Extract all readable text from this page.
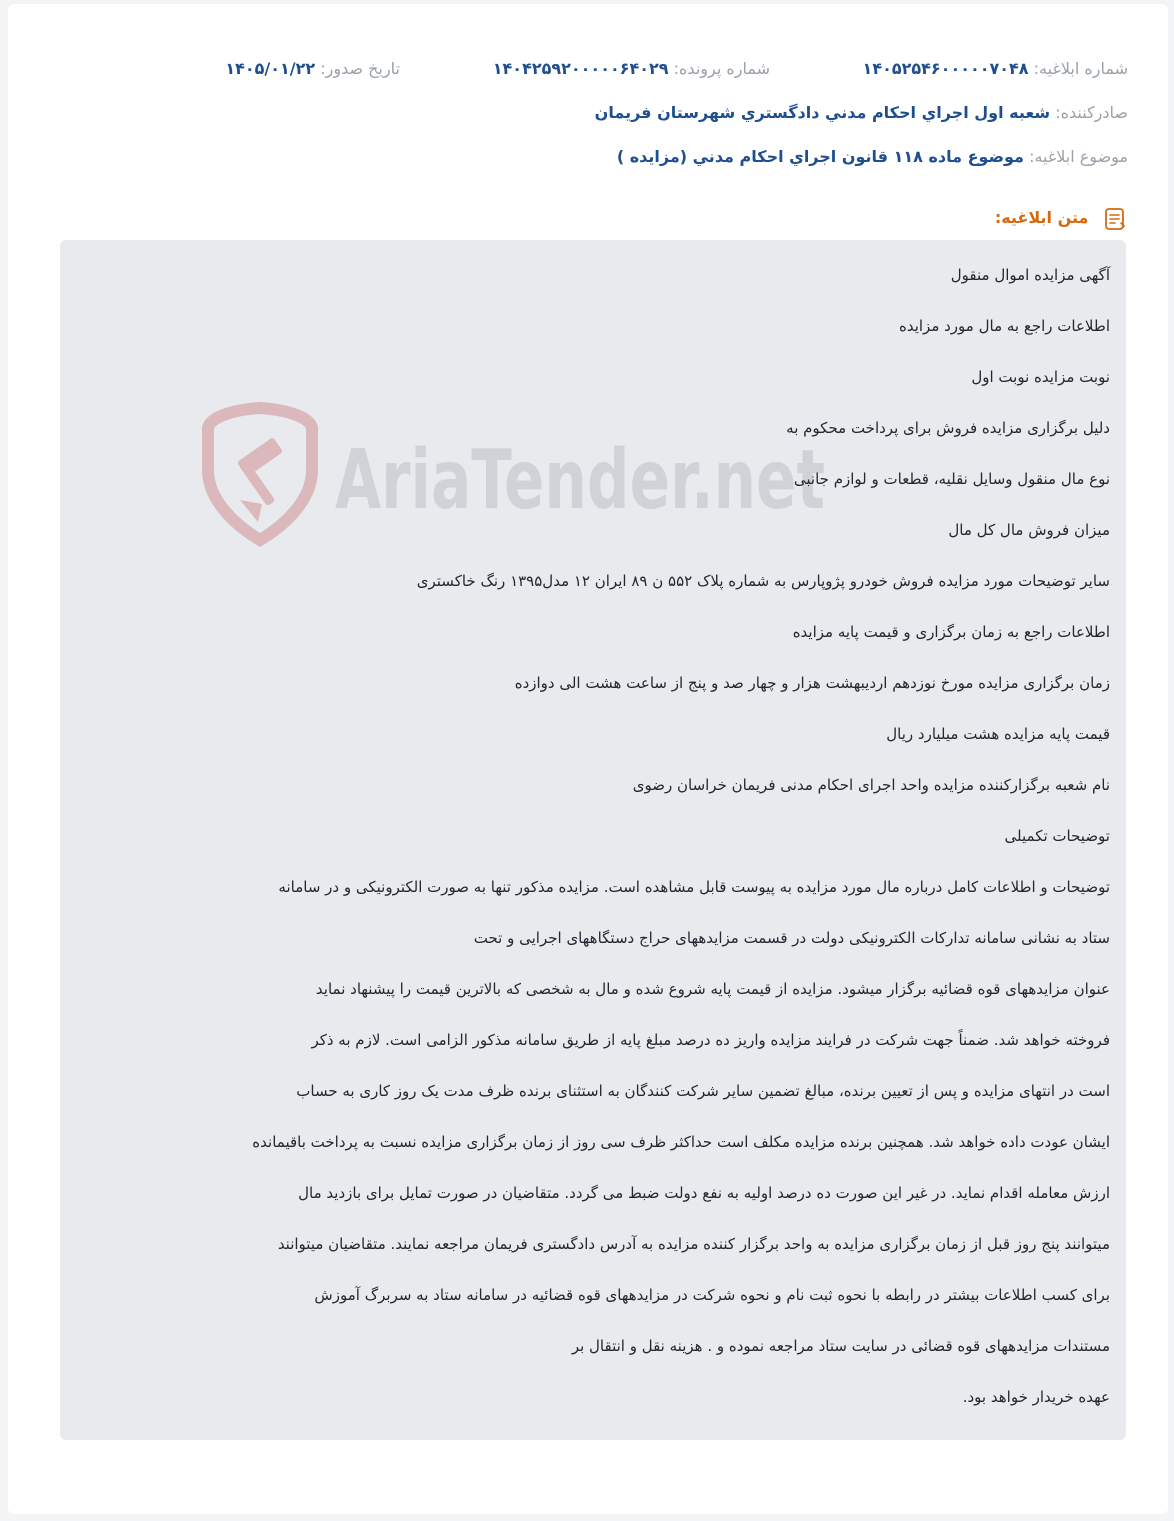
شماره ابلاغيه: ۱۴۰۵۲۵۴۶۰۰۰۰۰۷۰۴۸
شماره پرونده: ۱۴۰۴۲۵۹۲۰۰۰۰۰۶۴۰۲۹
تاريخ صدور: ۱۴۰۵/۰۱/۲۲
صادرکننده: شعبه اول اجراي احکام مدني دادگستري شهرستان فريمان
موضوع ابلاغيه: موضوع ماده ۱۱۸ قانون اجراي احکام مدني (مزايده )
متن ابلاغيه:
AriaTender.net
آگهی مزایده اموال منقول
اطلاعات راجع به مال مورد مزایده
نوبت مزایده نوبت اول
دلیل برگزاری مزایده فروش برای پرداخت محکوم به
نوع مال منقول وسایل نقلیه، قطعات و لوازم جانبی
میزان فروش مال کل مال
سایر توضیحات مورد مزایده فروش خودرو پژوپارس به شماره پلاک ۵۵۲ ن ۸۹ ایران ۱۲ مدل۱۳۹۵ رنگ خاکستری
اطلاعات راجع به زمان برگزاری و قیمت پایه مزایده
زمان برگزاری مزایده مورخ نوزدهم اردیبهشت هزار و چهار صد و پنج از ساعت هشت الی دوازده
قیمت پایه مزایده هشت میلیارد ریال
نام شعبه برگزارکننده مزایده واحد اجرای احکام مدنی فریمان خراسان رضوی
توضیحات تکمیلی
توضیحات و اطلاعات کامل درباره مال مورد مزایده به پیوست قابل مشاهده است. مزایده مذکور تنها به صورت الکترونیکی و در سامانه
ستاد به نشانی سامانه تدارکات الکترونیکی دولت در قسمت مزایدههای حراج دستگاههای اجرایی و تحت
عنوان مزایدههای قوه قضائیه برگزار میشود. مزایده از قیمت پایه شروع شده و مال به شخصی که بالاترین قیمت را پیشنهاد نماید
فروخته خواهد شد. ضمناً جهت شرکت در فرایند مزایده واریز ده درصد مبلغ پایه از طریق سامانه مذکور الزامی است. لازم به ذکر
است در انتهای مزایده و پس از تعیین برنده، مبالغ تضمین سایر شرکت کنندگان به استثنای برنده ظرف مدت یک روز کاری به حساب
ایشان عودت داده خواهد شد. همچنین برنده مزایده مکلف است حداکثر ظرف سی روز از زمان برگزاری مزایده نسبت به پرداخت باقیمانده
ارزش معامله اقدام نماید. در غیر این صورت ده درصد اولیه به نفع دولت ضبط می گردد. متقاضیان در صورت تمایل برای بازدید مال
میتوانند پنج روز قبل از زمان برگزاری مزایده به واحد برگزار کننده مزایده به آدرس دادگستری فریمان مراجعه نمایند. متقاضیان میتوانند
برای کسب اطلاعات بیشتر در رابطه با نحوه ثبت نام و نحوه شرکت در مزایدههای قوه قضائیه در سامانه ستاد به سربرگ آموزش
مستندات مزایدههای قوه قضائی در سایت ستاد مراجعه نموده و . هزینه نقل و انتقال بر
عهده خریدار خواهد بود.
